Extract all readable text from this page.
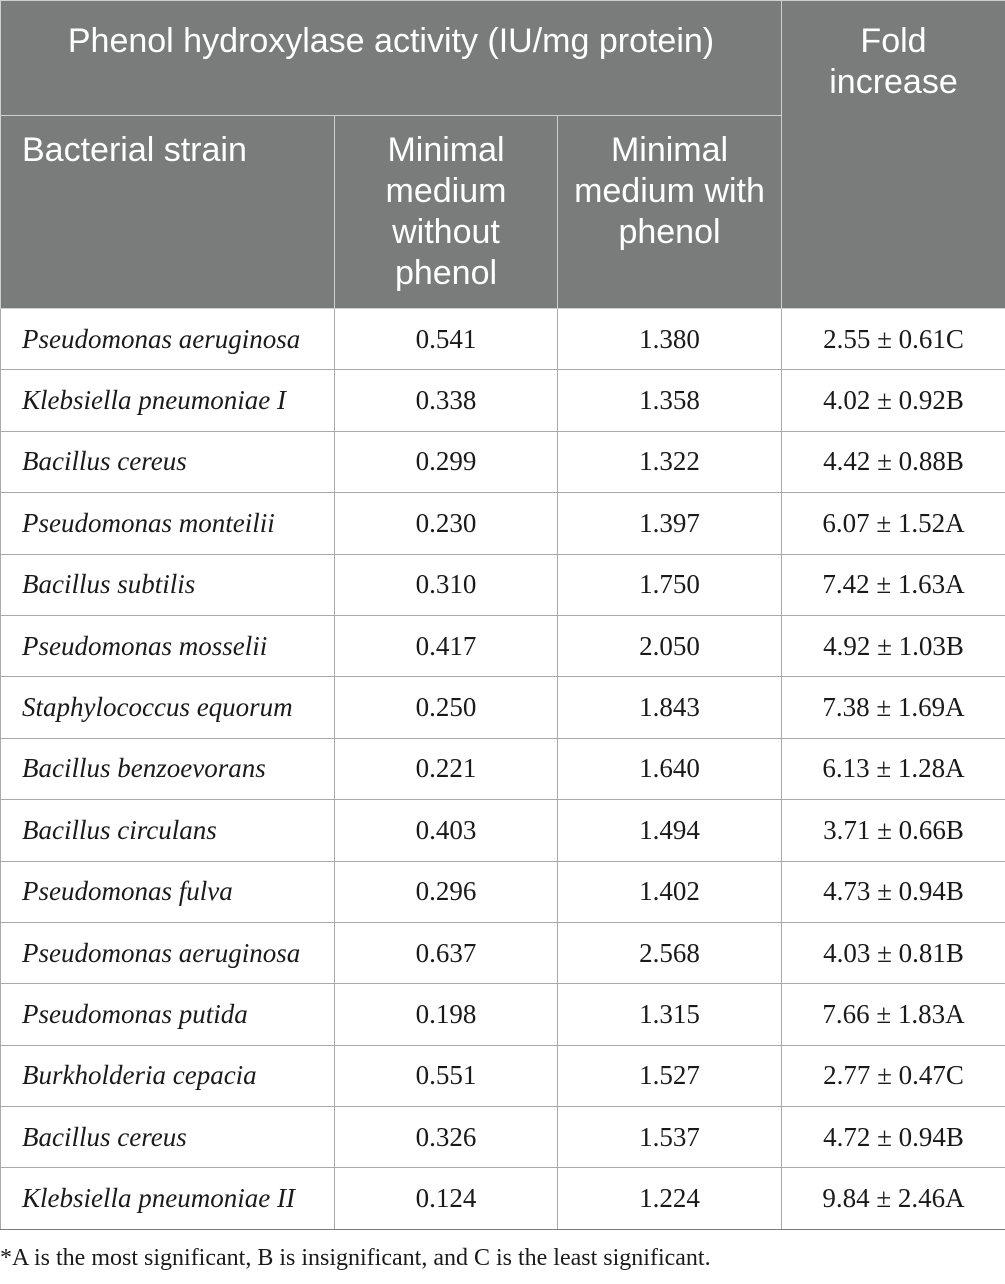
Phenol hydroxylase activity (IU/mg protein)			Fold increase
Bacterial strain	Minimal medium without phenol	Minimal medium with phenol	
Pseudomonas aeruginosa	0.541	1.380	2.55 ± 0.61C
Klebsiella pneumoniae I	0.338	1.358	4.02 ± 0.92B
Bacillus cereus	0.299	1.322	4.42 ± 0.88B
Pseudomonas monteilii	0.230	1.397	6.07 ± 1.52A
Bacillus subtilis	0.310	1.750	7.42 ± 1.63A
Pseudomonas mosselii	0.417	2.050	4.92 ± 1.03B
Staphylococcus equorum	0.250	1.843	7.38 ± 1.69A
Bacillus benzoevorans	0.221	1.640	6.13 ± 1.28A
Bacillus circulans	0.403	1.494	3.71 ± 0.66B
Pseudomonas fulva	0.296	1.402	4.73 ± 0.94B
Pseudomonas aeruginosa	0.637	2.568	4.03 ± 0.81B
Pseudomonas putida	0.198	1.315	7.66 ± 1.83A
Burkholderia cepacia	0.551	1.527	2.77 ± 0.47C
Bacillus cereus	0.326	1.537	4.72 ± 0.94B
Klebsiella pneumoniae II	0.124	1.224	9.84 ± 2.46A
*A is the most significant, B is insignificant, and C is the least significant.
